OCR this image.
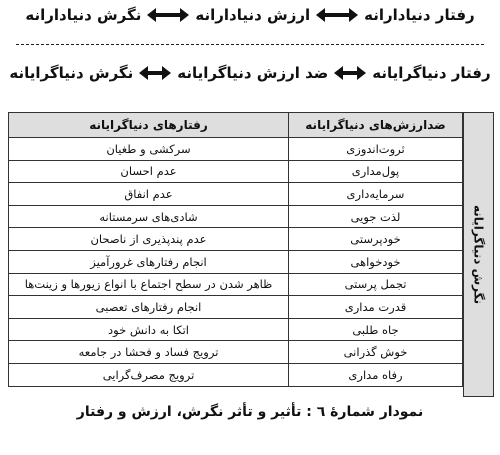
رفتار دنیادارانه
ارزش دنیادارانه
نگرش دنیادارانه
رفتار دنیاگرایانه
ضد ارزش دنیاگرایانه
نگرش دنیاگرایانه
نگرش دنیاگرایانه
ضدارزش‌های دنیاگرایانه	رفتارهای دنیاگرایانه
ثروت‌اندوزی	سرکشی و طغیان
پول‌مداری	عدم احسان
سرمایه‌داری	عدم انفاق
لذت جویی	شادی‌های سرمستانه
خودپرستی	عدم پندپذیری از ناصحان
خودخواهی	انجام رفتارهای غرورآمیز
تجمل پرستی	ظاهر شدن در سطح اجتماع با انواع زیورها و زینت‌ها
قدرت مداری	انجام رفتارهای تعصبی
جاه طلبی	اتکا به دانش خود
خوش گذرانی	ترویج فساد و فحشا در جامعه
رفاه مداری	ترویج مصرف‌گرایی
نمودار شمارهٔ ٦ : تأثیر و تأثر نگرش، ارزش و رفتار
